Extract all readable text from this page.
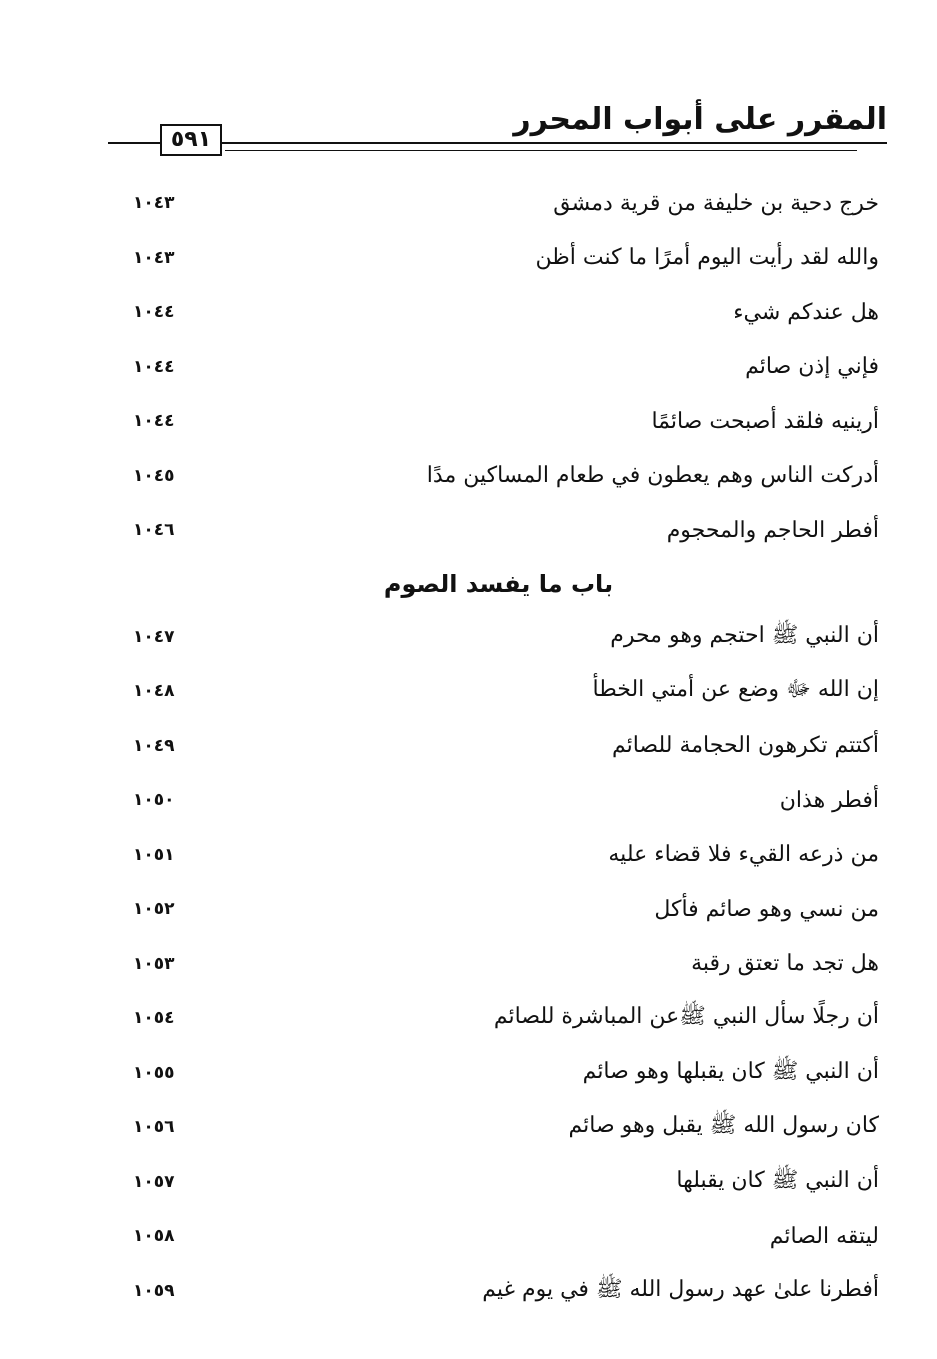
المقرر على أبواب المحرر
٥٩١
خرج دحية بن خليفة من قرية دمشق
١٠٤٣
والله لقد رأيت اليوم أمرًا ما كنت أظن
١٠٤٣
هل عندكم شيء
١٠٤٤
فإني إذن صائم
١٠٤٤
أرينيه فلقد أصبحت صائمًا
١٠٤٤
أدركت الناس وهم يعطون في طعام المساكين مدًا
١٠٤٥
أفطر الحاجم والمحجوم
١٠٤٦
باب ما يفسد الصوم
أن النبي ﷺ احتجم وهو محرم
١٠٤٧
إن الله ﷻ وضع عن أمتي الخطأ
١٠٤٨
أكتتم تكرهون الحجامة للصائم
١٠٤٩
أفطر هذان
١٠٥٠
من ذرعه القيء فلا قضاء عليه
١٠٥١
من نسي وهو صائم فأكل
١٠٥٢
هل تجد ما تعتق رقبة
١٠٥٣
أن رجلًا سأل النبي ﷺعن المباشرة للصائم
١٠٥٤
أن النبي ﷺ كان يقبلها وهو صائم
١٠٥٥
كان رسول الله ﷺ يقبل وهو صائم
١٠٥٦
أن النبي ﷺ كان يقبلها
١٠٥٧
ليتقه الصائم
١٠٥٨
أفطرنا علىٰ عهد رسول الله ﷺ في يوم غيم
١٠٥٩
